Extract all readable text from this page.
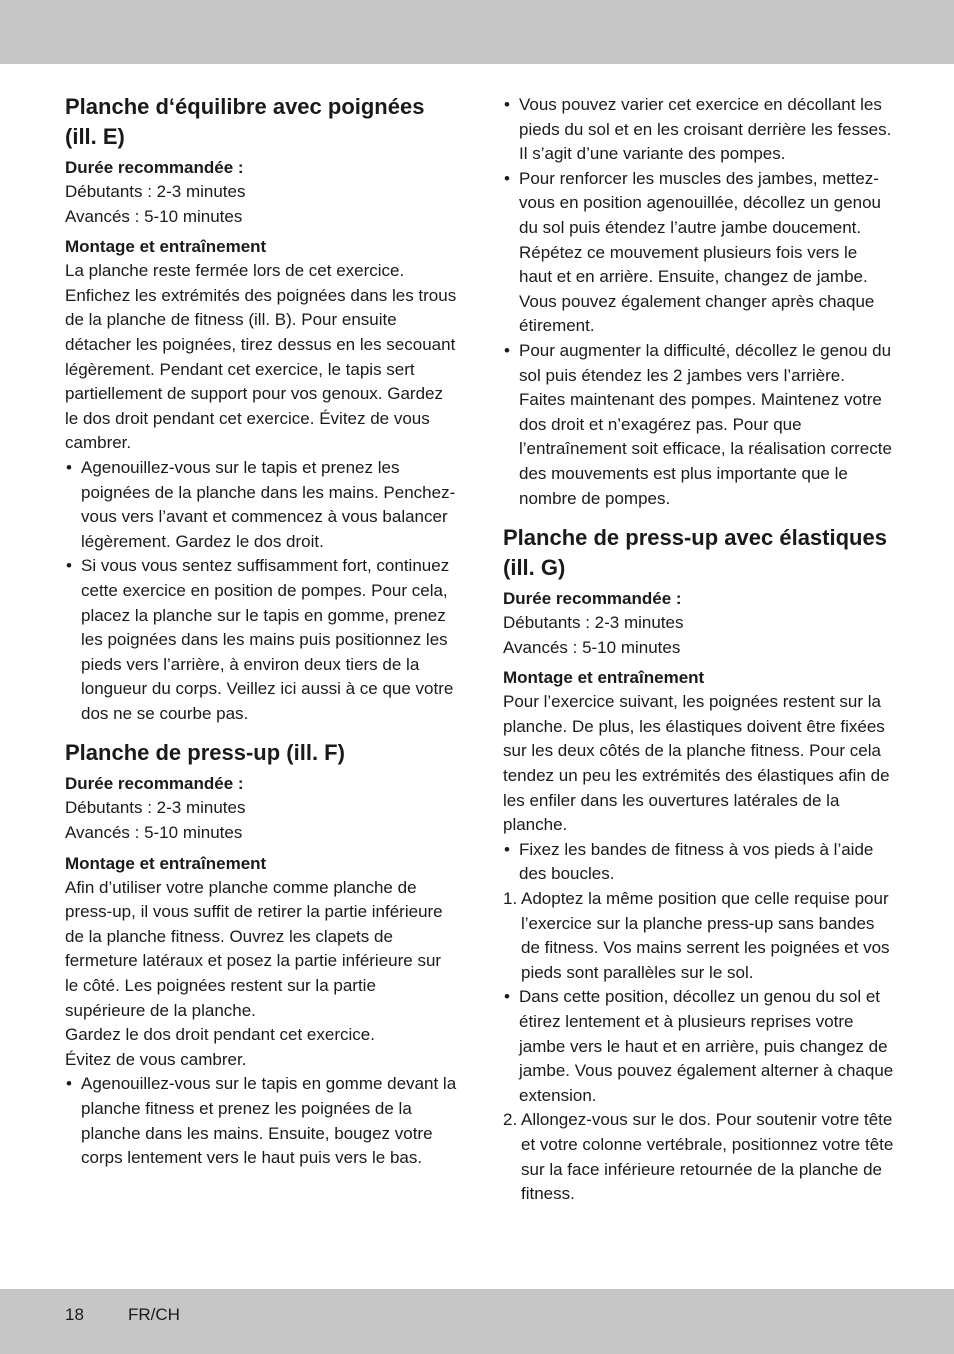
Planche d‘équilibre avec poignées (ill. E)
Durée recommandée :

Débutants : 2-3 minutes

Avancés : 5-10 minutes

Montage et entraînement

La planche reste fermée lors de cet exercice. Enfichez les extrémités des poignées dans les trous de la planche de fitness (ill. B). Pour ensuite détacher les poignées, tirez dessus en les secouant légèrement. Pendant cet exercice, le tapis sert partiellement de support pour vos genoux. Gardez le dos droit pendant cet exercice. Évitez de vous cambrer.

• Agenouillez-vous sur le tapis et prenez les poignées de la planche dans les mains. Penchez-vous vers l’avant et commencez à vous balancer légèrement. Gardez le dos droit.
• Si vous vous sentez suffisamment fort, continuez cette exercice en position de pompes. Pour cela, placez la planche sur le tapis en gomme, prenez les poignées dans les mains puis positionnez les pieds vers l’arrière, à environ deux tiers de la longueur du corps. Veillez ici aussi à ce que votre dos ne se courbe pas.
Planche de press-up (ill. F)
Durée recommandée :

Débutants : 2-3 minutes

Avancés : 5-10 minutes

Montage et entraînement

Afin d’utiliser votre planche comme planche de press-up, il vous suffit de retirer la partie inférieure de la planche fitness. Ouvrez les clapets de fermeture latéraux et posez la partie inférieure sur le côté. Les poignées restent sur la partie supérieure de la planche.

Gardez le dos droit pendant cet exercice.

Évitez de vous cambrer.

• Agenouillez-vous sur le tapis en gomme devant la planche fitness et prenez les poignées de la planche dans les mains. Ensuite, bougez votre corps lentement vers le haut puis vers le bas.
• Vous pouvez varier cet exercice en décollant les pieds du sol et en les croisant derrière les fesses. Il s’agit d’une variante des pompes.
• Pour renforcer les muscles des jambes, mettez-vous en position agenouillée, décollez un genou du sol puis étendez l’autre jambe doucement. Répétez ce mouvement plusieurs fois vers le haut et en arrière. Ensuite, changez de jambe. Vous pouvez également changer après chaque étirement.
• Pour augmenter la difficulté, décollez le genou du sol puis étendez les 2 jambes vers l’arrière. Faites maintenant des pompes. Maintenez votre dos droit et n’exagérez pas. Pour que l’entraînement soit efficace, la réalisation correcte des mouvements est plus importante que le nombre de pompes.
Planche de press-up avec élastiques (ill. G)
Durée recommandée :

Débutants : 2-3 minutes

Avancés : 5-10 minutes

Montage et entraînement

Pour l’exercice suivant, les poignées restent sur la planche. De plus, les élastiques doivent être fixées sur les deux côtés de la planche fitness. Pour cela tendez un peu les extrémités des élastiques afin de les enfiler dans les ouvertures latérales de la planche.

• Fixez les bandes de fitness à vos pieds à l’aide des boucles.
1. Adoptez la même position que celle requise pour l’exercice sur la planche press-up sans bandes de fitness. Vos mains serrent les poignées et vos pieds sont parallèles sur le sol.
• Dans cette position, décollez un genou du sol et étirez lentement et à plusieurs reprises votre jambe vers le haut et en arrière, puis changez de jambe. Vous pouvez également alterner à chaque extension.
2. Allongez-vous sur le dos. Pour soutenir votre tête et votre colonne vertébrale, positionnez votre tête sur la face inférieure retournée de la planche de fitness.
18	FR/CH
